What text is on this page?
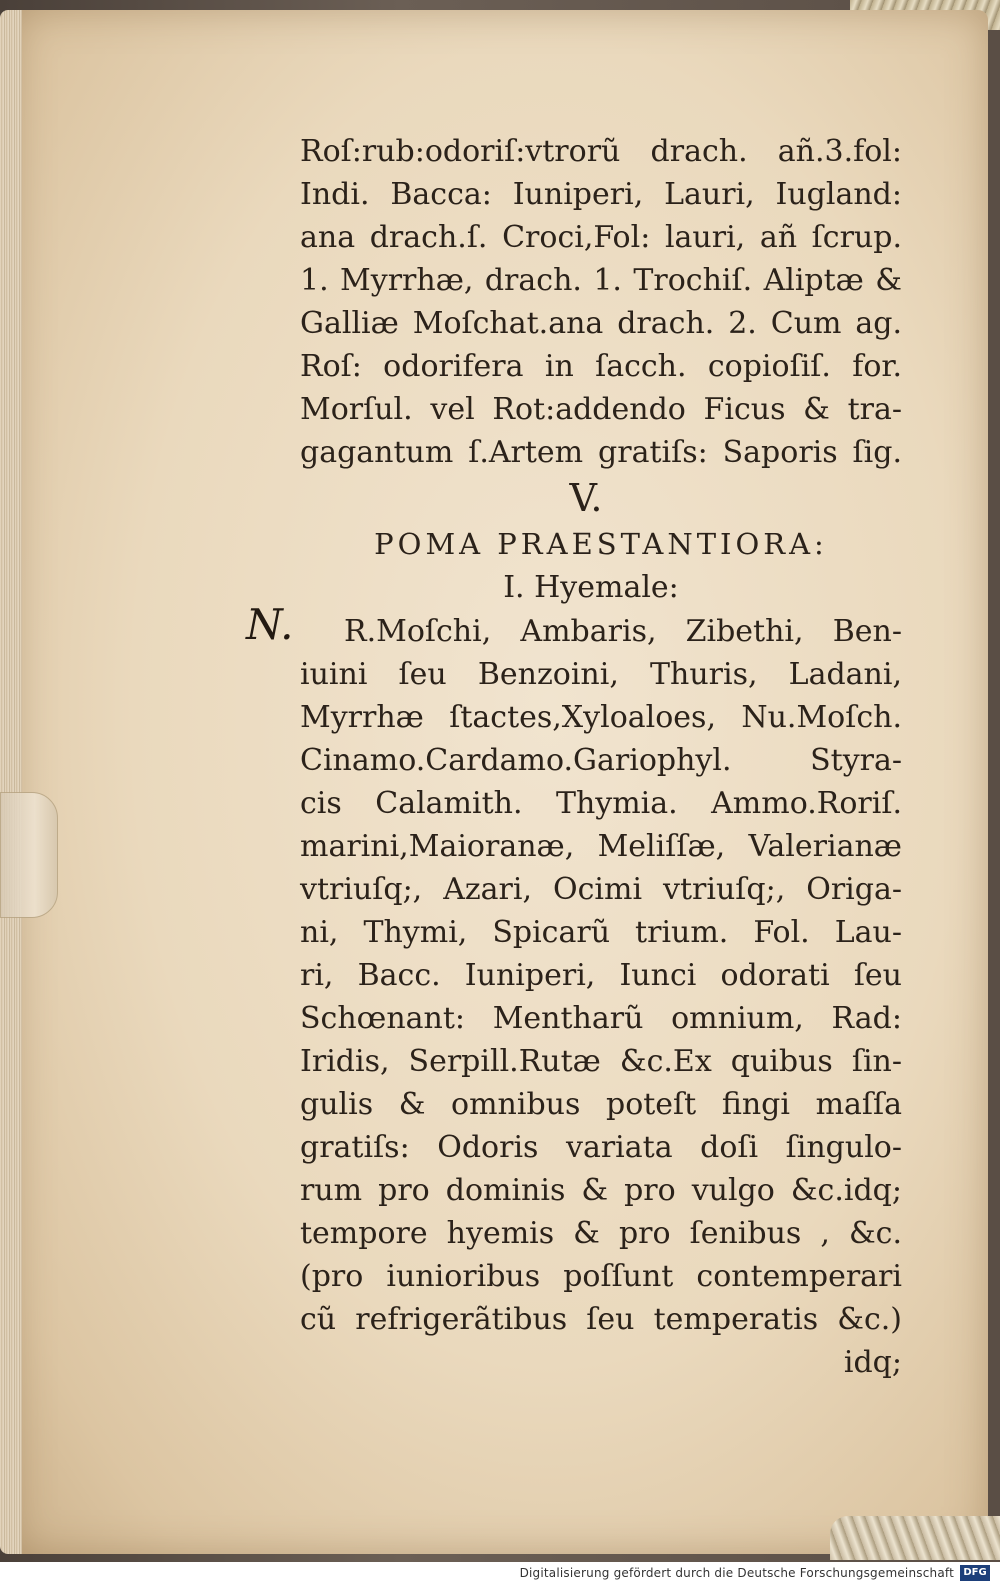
N.
Roſ:rub:odoriſ:vtrorũ drach. añ.3.fol:
Indi. Bacca: Iuniperi, Lauri, Iugland:
ana drach.ſ. Croci,Fol: lauri, añ ſcrup.
1. Myrrhæ, drach. 1. Trochiſ. Aliptæ &
Galliæ Moſchat.ana drach. 2. Cum ag.
Roſ: odorifera in ſacch. copioſiſ. for.
Morſul. vel Rot:addendo Ficus & tra-
gagantum ſ.Artem gratiſs: Saporis ſig.
V.
POMA PRAESTANTIORA:
I. Hyemale:
R.Moſchi, Ambaris, Zibethi, Ben-
iuini ſeu Benzoini, Thuris, Ladani,
Myrrhæ ſtactes,Xyloaloes, Nu.Moſch.
Cinamo.Cardamo.Gariophyl. Styra-
cis Calamith. Thymia. Ammo.Roriſ.
marini,Maioranæ, Meliſſæ, Valerianæ
vtriuſq;, Azari, Ocimi vtriuſq;, Origa-
ni, Thymi, Spicarũ trium. Fol. Lau-
ri, Bacc. Iuniperi, Iunci odorati ſeu
Schœnant: Mentharũ omnium, Rad:
Iridis, Serpill.Rutæ &c.Ex quibus ſin-
gulis & omnibus poteſt fingi maſſa
gratiſs: Odoris variata doſi ſingulo-
rum pro dominis & pro vulgo &c.idq;
tempore hyemis & pro ſenibus , &c.
(pro iunioribus poſſunt contemperari
cũ refrigerãtibus ſeu temperatis &c.)
idq;
Digitalisierung gefördert durch die Deutsche Forschungsgemeinschaft DFG
